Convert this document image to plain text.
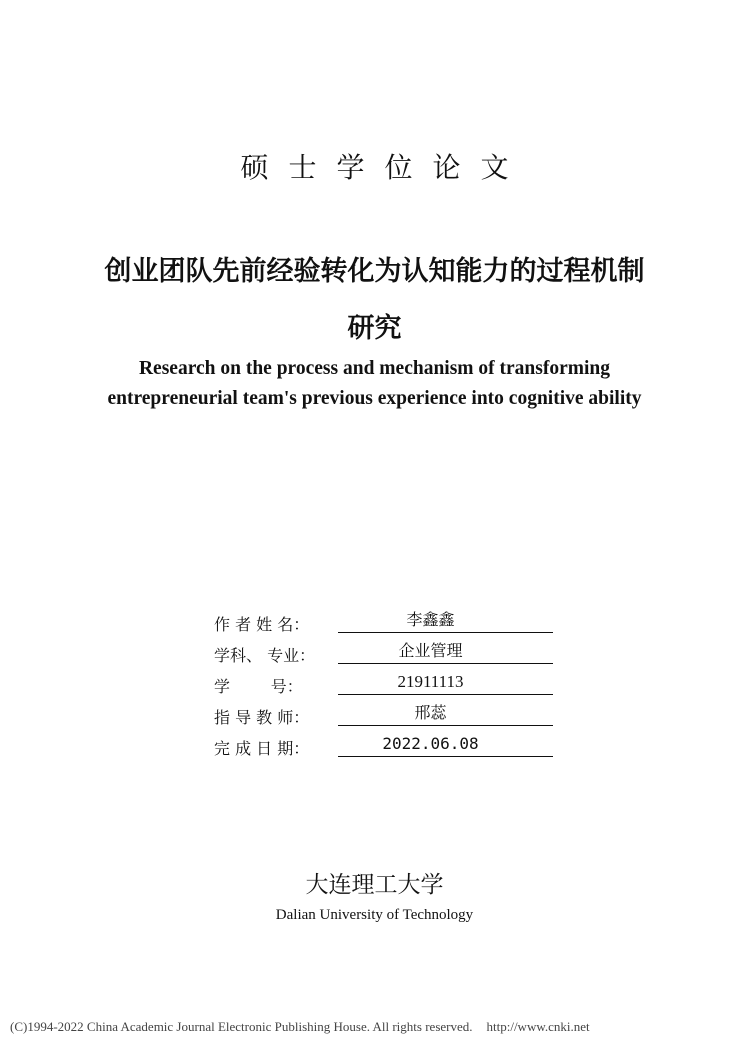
硕士学位论文
创业团队先前经验转化为认知能力的过程机制
研究
Research on the process and mechanism of transforming
entrepreneurial team's previous experience into cognitive ability
作 者 姓 名：	李鑫鑫
学科、 专业：	企业管理
学        号：	21911113
指 导 教 师：	邢蕊
完 成 日 期：	2022.06.08
大连理工大学
Dalian University of Technology
(C)1994-2022 China Academic Journal Electronic Publishing House. All rights reserved. http://www.cnki.net
